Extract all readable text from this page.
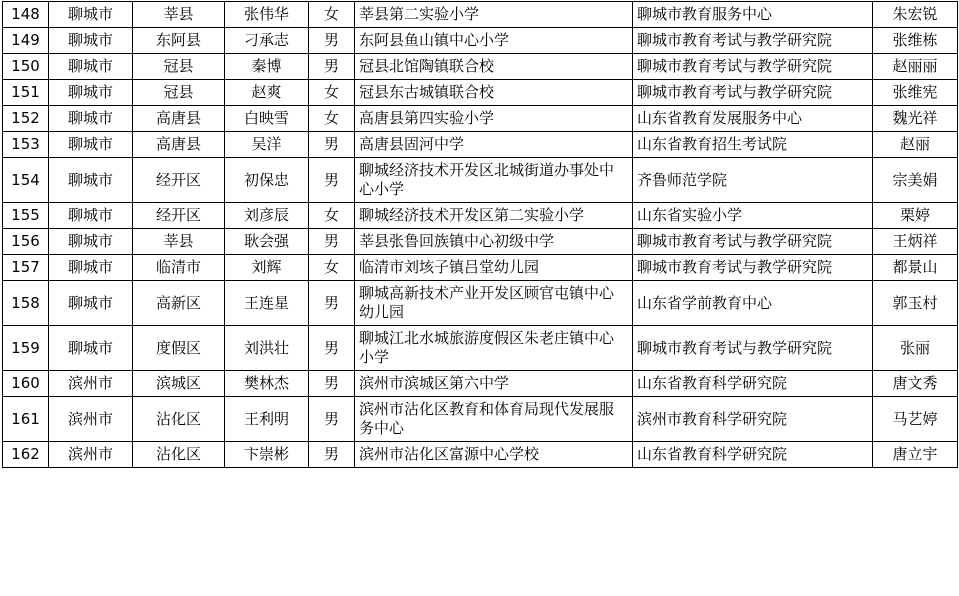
148	聊城市	莘县	张伟华	女	莘县第二实验小学	聊城市教育服务中心	朱宏锐
149	聊城市	东阿县	刁承志	男	东阿县鱼山镇中心小学	聊城市教育考试与教学研究院	张维栋
150	聊城市	冠县	秦博	男	冠县北馆陶镇联合校	聊城市教育考试与教学研究院	赵丽丽
151	聊城市	冠县	赵爽	女	冠县东古城镇联合校	聊城市教育考试与教学研究院	张维宪
152	聊城市	高唐县	白映雪	女	高唐县第四实验小学	山东省教育发展服务中心	魏光祥
153	聊城市	高唐县	吴洋	男	高唐县固河中学	山东省教育招生考试院	赵丽
154	聊城市	经开区	初保忠	男	聊城经济技术开发区北城街道办事处中心小学	齐鲁师范学院	宗美娟
155	聊城市	经开区	刘彦辰	女	聊城经济技术开发区第二实验小学	山东省实验小学	栗婷
156	聊城市	莘县	耿会强	男	莘县张鲁回族镇中心初级中学	聊城市教育考试与教学研究院	王炳祥
157	聊城市	临清市	刘辉	女	临清市刘垓子镇吕堂幼儿园	聊城市教育考试与教学研究院	都景山
158	聊城市	高新区	王连星	男	聊城高新技术产业开发区顾官屯镇中心幼儿园	山东省学前教育中心	郭玉村
159	聊城市	度假区	刘洪壮	男	聊城江北水城旅游度假区朱老庄镇中心小学	聊城市教育考试与教学研究院	张丽
160	滨州市	滨城区	樊林杰	男	滨州市滨城区第六中学	山东省教育科学研究院	唐文秀
161	滨州市	沾化区	王利明	男	滨州市沾化区教育和体育局现代发展服务中心	滨州市教育科学研究院	马艺婷
162	滨州市	沾化区	卞崇彬	男	滨州市沾化区富源中心学校	山东省教育科学研究院	唐立宇
